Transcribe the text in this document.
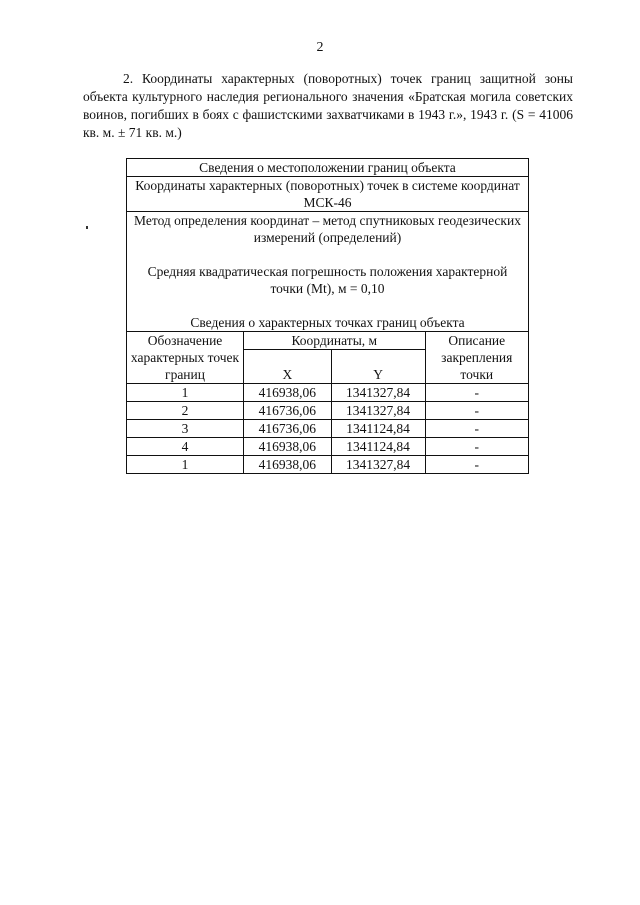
2

2. Координаты характерных (поворотных) точек границ защитной зоны объекта культурного наследия регионального значения «Братская могила советских воинов, погибших в боях с фашистскими захватчиками в 1943 г.», 1943 г. (S = 41006 кв. м. ± 71 кв. м.)

Сведения о местоположении границ объекта			
Координаты характерных (поворотных) точек в системе координат МСК-46			

Метод определения координат – метод спутниковых геодезических измерений (определений)

Средняя квадратическая погрешность положения характерной точки (Mt), м = 0,10

Сведения о характерных точках границ объекта			

Обозначение характерных точек границ	Координаты, м		Описание закрепления точки
	X	Y	
1	416938,06	1341327,84	-
2	416736,06	1341327,84	-
3	416736,06	1341124,84	-
4	416938,06	1341124,84	-
1	416938,06	1341327,84	-
